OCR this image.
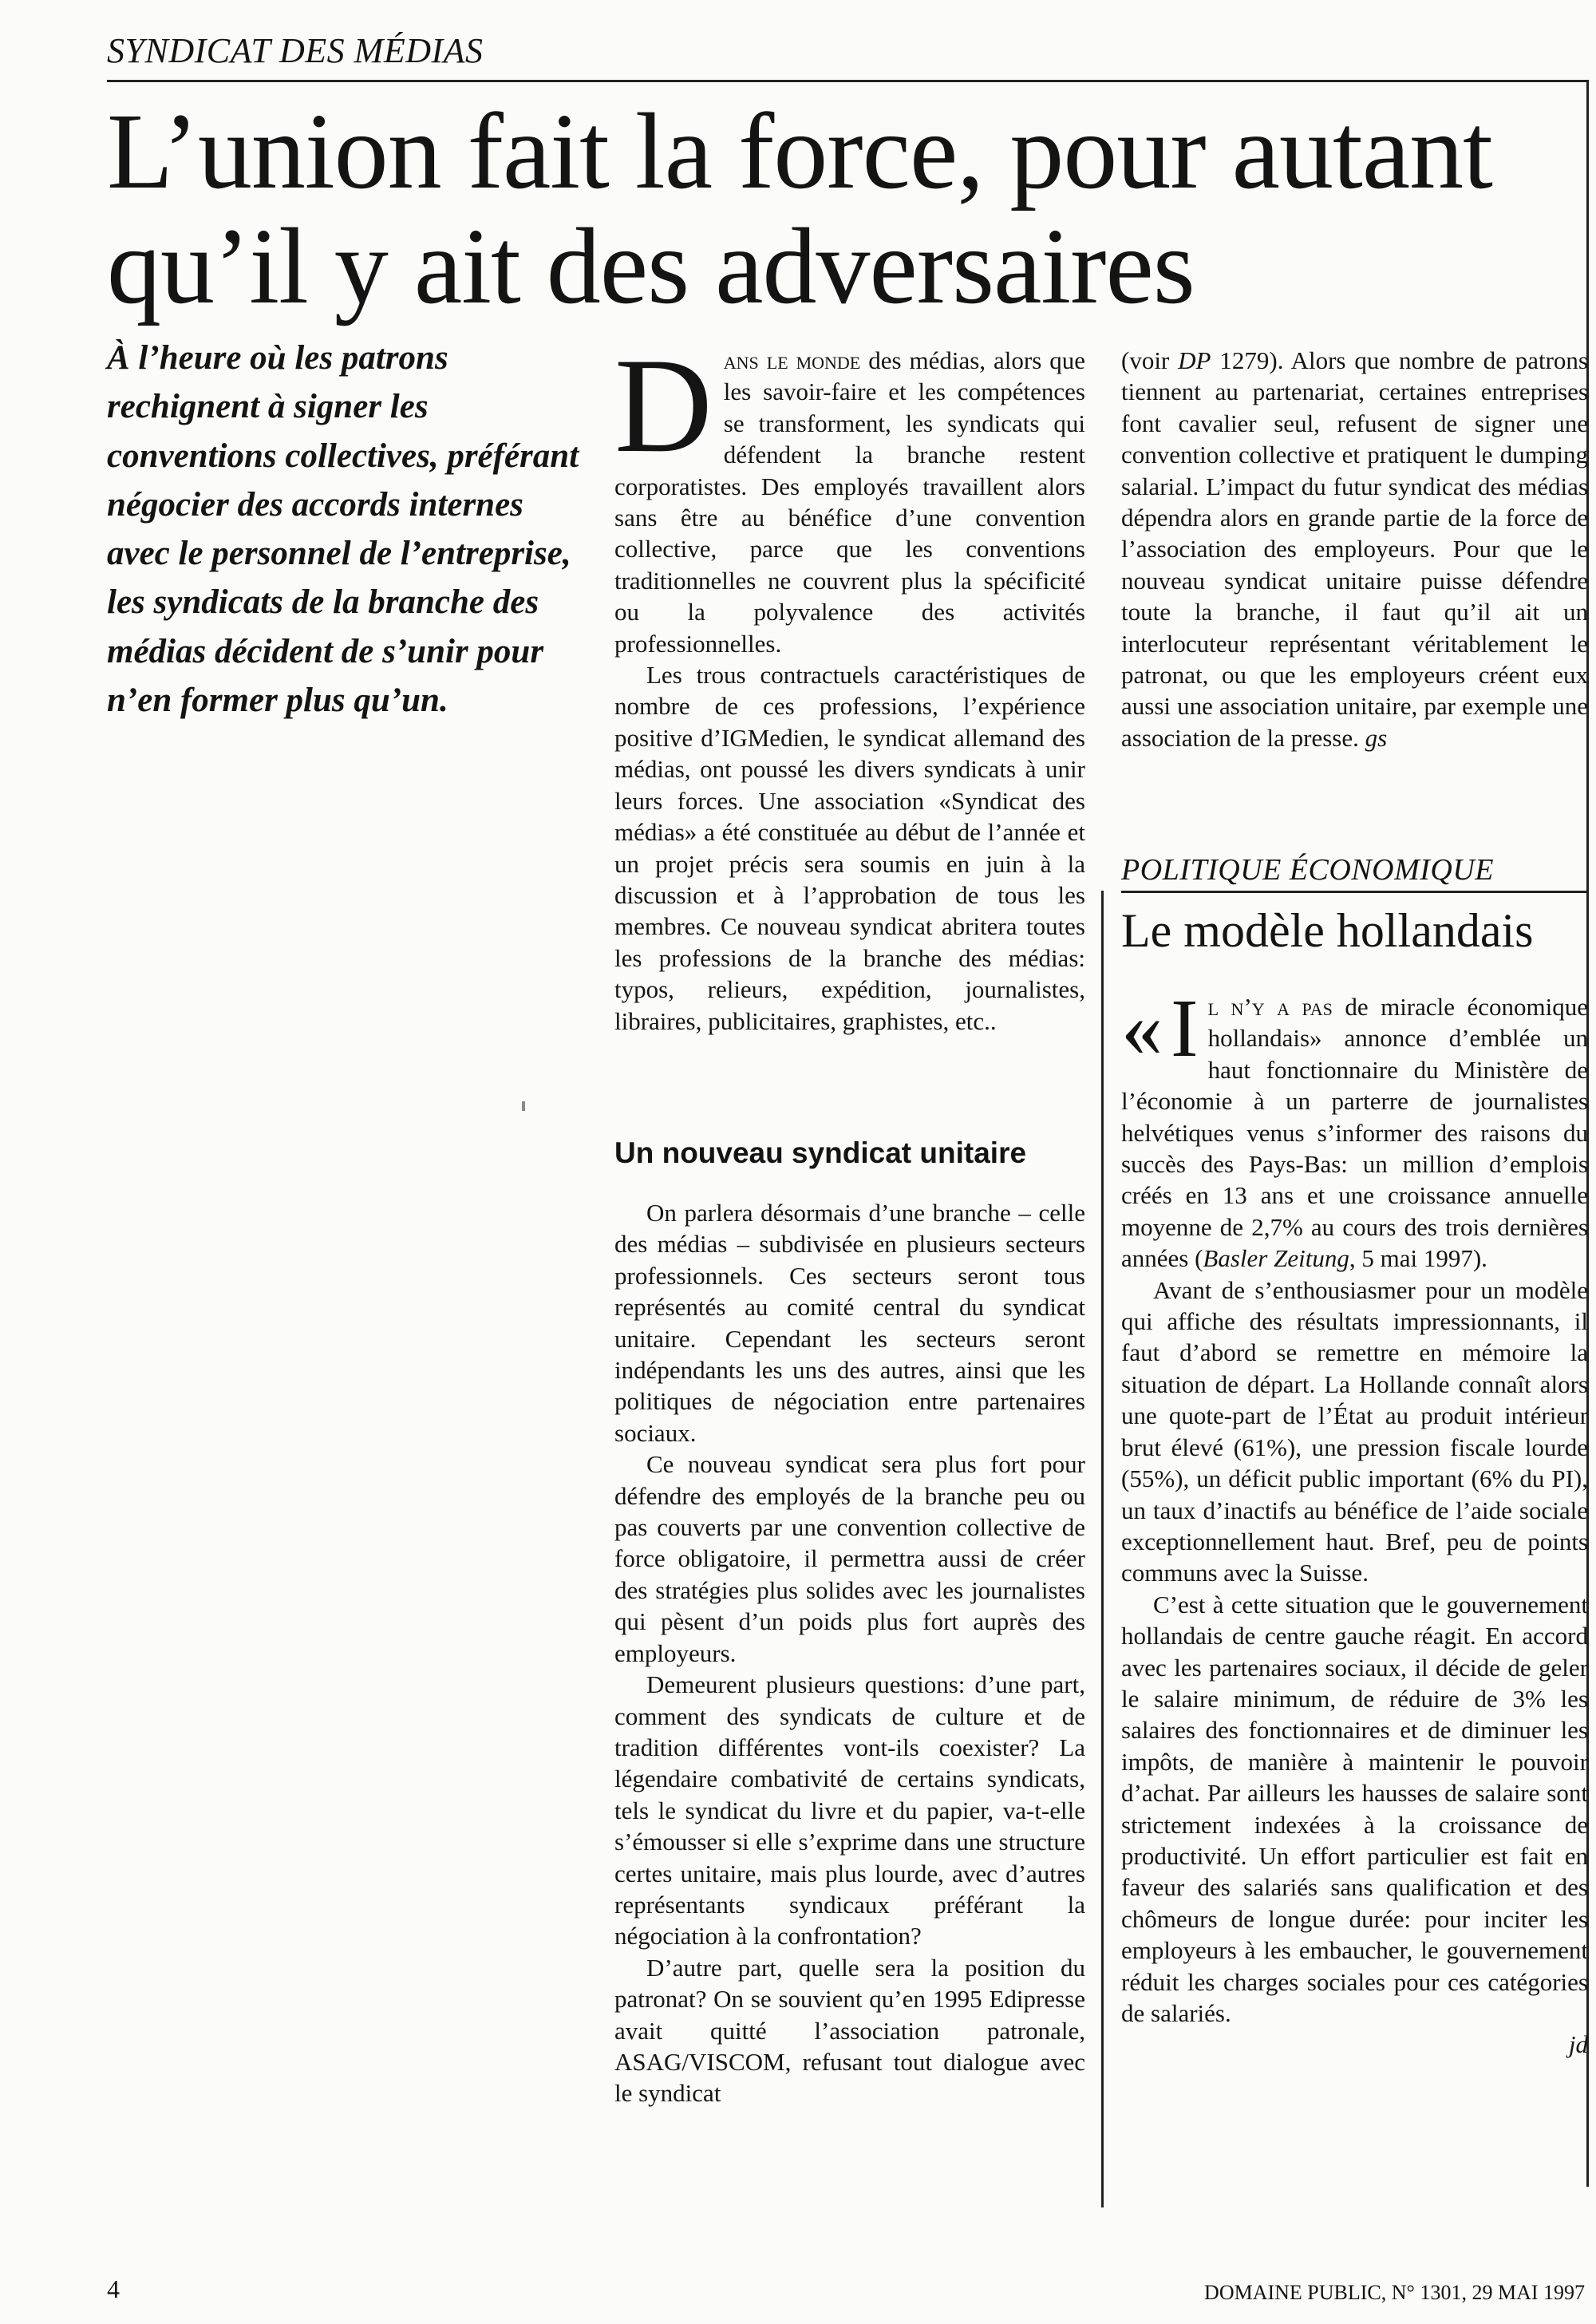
SYNDICAT DES MÉDIAS
L’union fait la force, pour autant qu’il y ait des adversaires

À l’heure où les patrons rechignent à signer les conventions collectives, préférant négocier des accords internes avec le personnel de l’entreprise, les syndicats de la branche des médias décident de s’unir pour n’en former plus qu’un.

Dans le monde des médias, alors que les savoir-faire et les compétences se transforment, les syndicats qui défendent la branche restent corporatistes. Des employés travaillent alors sans être au bénéfice d’une convention collective, parce que les conventions traditionnelles ne couvrent plus la spécificité ou la polyvalence des activités professionnelles.

Les trous contractuels caractéristiques de nombre de ces professions, l’expérience positive d’IGMedien, le syndicat allemand des médias, ont poussé les divers syndicats à unir leurs forces. Une association «Syndicat des médias» a été constituée au début de l’année et un projet précis sera soumis en juin à la discussion et à l’approbation de tous les membres. Ce nouveau syndicat abritera toutes les professions de la branche des médias: typos, relieurs, expédition, journalistes, libraires, publicitaires, graphistes, etc..

Un nouveau syndicat unitaire

On parlera désormais d’une branche – celle des médias – subdivisée en plusieurs secteurs professionnels. Ces secteurs seront tous représentés au comité central du syndicat unitaire. Cependant les secteurs seront indépendants les uns des autres, ainsi que les politiques de négociation entre partenaires sociaux.

Ce nouveau syndicat sera plus fort pour défendre des employés de la branche peu ou pas couverts par une convention collective de force obligatoire, il permettra aussi de créer des stratégies plus solides avec les journalistes qui pèsent d’un poids plus fort auprès des employeurs.

Demeurent plusieurs questions: d’une part, comment des syndicats de culture et de tradition différentes vont-ils coexister? La légendaire combativité de certains syndicats, tels le syndicat du livre et du papier, va-t-elle s’émousser si elle s’exprime dans une structure certes unitaire, mais plus lourde, avec d’autres représentants syndicaux préférant la négociation à la confrontation?

D’autre part, quelle sera la position du patronat? On se souvient qu’en 1995 Edipresse avait quitté l’association patronale, ASAG/VISCOM, refusant tout dialogue avec le syndicat

(voir DP 1279). Alors que nombre de patrons tiennent au partenariat, certaines entreprises font cavalier seul, refusent de signer une convention collective et pratiquent le dumping salarial. L’impact du futur syndicat des médias dépendra alors en grande partie de la force de l’association des employeurs. Pour que le nouveau syndicat unitaire puisse défendre toute la branche, il faut qu’il ait un interlocuteur représentant véritablement le patronat, ou que les employeurs créent eux aussi une association unitaire, par exemple une association de la presse. gs

POLITIQUE ÉCONOMIQUE
Le modèle hollandais

« I l n’y a pas de miracle économique hollandais» annonce d’emblée un haut fonctionnaire du Ministère de l’économie à un parterre de journalistes helvétiques venus s’informer des raisons du succès des Pays-Bas: un million d’emplois créés en 13 ans et une croissance annuelle moyenne de 2,7% au cours des trois dernières années (Basler Zeitung, 5 mai 1997).

Avant de s’enthousiasmer pour un modèle qui affiche des résultats impressionnants, il faut d’abord se remettre en mémoire la situation de départ. La Hollande connaît alors une quote-part de l’État au produit intérieur brut élevé (61%), une pression fiscale lourde (55%), un déficit public important (6% du PI), un taux d’inactifs au bénéfice de l’aide sociale exceptionnellement haut. Bref, peu de points communs avec la Suisse.

C’est à cette situation que le gouvernement hollandais de centre gauche réagit. En accord avec les partenaires sociaux, il décide de geler le salaire minimum, de réduire de 3% les salaires des fonctionnaires et de diminuer les impôts, de manière à maintenir le pouvoir d’achat. Par ailleurs les hausses de salaire sont strictement indexées à la croissance de productivité. Un effort particulier est fait en faveur des salariés sans qualification et des chômeurs de longue durée: pour inciter les employeurs à les embaucher, le gouvernement réduit les charges sociales pour ces catégories de salariés.

jd

4	DOMAINE PUBLIC, N° 1301, 29 MAI 1997
